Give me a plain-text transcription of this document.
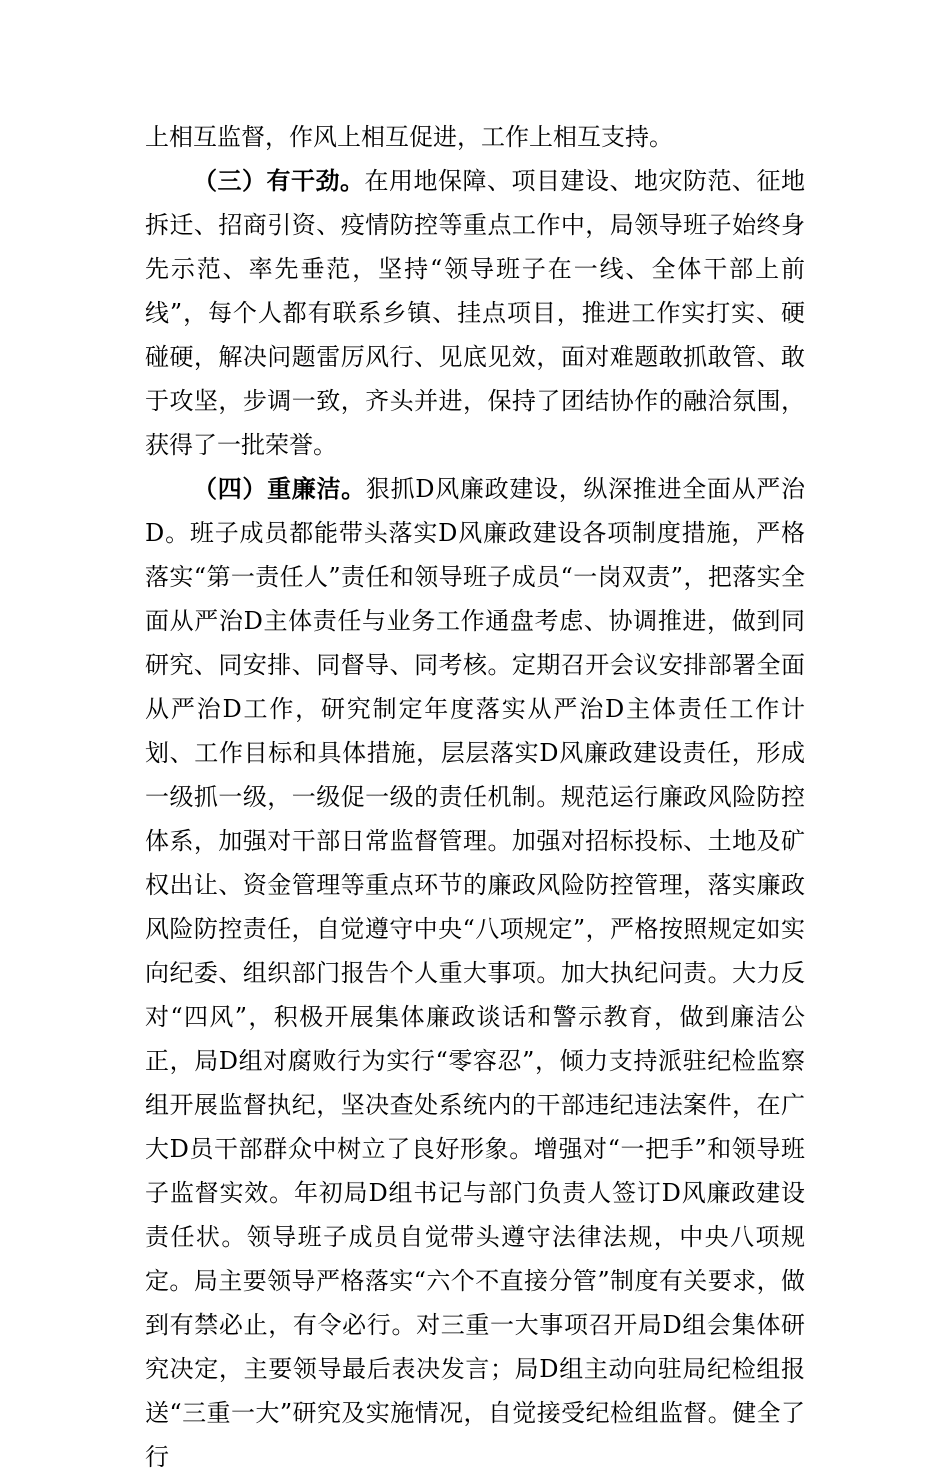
上相互监督，作风上相互促进，工作上相互支持。

（三）有干劲。在用地保障、项目建设、地灾防范、征地拆迁、招商引资、疫情防控等重点工作中，局领导班子始终身先示范、率先垂范，坚持“领导班子在一线、全体干部上前线”，每个人都有联系乡镇、挂点项目，推进工作实打实、硬碰硬，解决问题雷厉风行、见底见效，面对难题敢抓敢管、敢于攻坚，步调一致，齐头并进，保持了团结协作的融洽氛围，获得了一批荣誉。

（四）重廉洁。狠抓D风廉政建设，纵深推进全面从严治D。班子成员都能带头落实D风廉政建设各项制度措施，严格落实“第一责任人”责任和领导班子成员“一岗双责”，把落实全面从严治D主体责任与业务工作通盘考虑、协调推进，做到同研究、同安排、同督导、同考核。定期召开会议安排部署全面从严治D工作，研究制定年度落实从严治D主体责任工作计划、工作目标和具体措施，层层落实D风廉政建设责任，形成一级抓一级，一级促一级的责任机制。规范运行廉政风险防控体系，加强对干部日常监督管理。加强对招标投标、土地及矿权出让、资金管理等重点环节的廉政风险防控管理，落实廉政风险防控责任，自觉遵守中央“八项规定”，严格按照规定如实向纪委、组织部门报告个人重大事项。加大执纪问责。大力反对“四风”，积极开展集体廉政谈话和警示教育，做到廉洁公正，局D组对腐败行为实行“零容忍”，倾力支持派驻纪检监察组开展监督执纪，坚决查处系统内的干部违纪违法案件，在广大D员干部群众中树立了良好形象。增强对“一把手”和领导班子监督实效。年初局D组书记与部门负责人签订D风廉政建设责任状。领导班子成员自觉带头遵守法律法规，中央八项规定。局主要领导严格落实“六个不直接分管”制度有关要求，做到有禁必止，有令必行。对三重一大事项召开局D组会集体研究决定，主要领导最后表决发言；局D组主动向驻局纪检组报送“三重一大”研究及实施情况，自觉接受纪检组监督。健全了行
